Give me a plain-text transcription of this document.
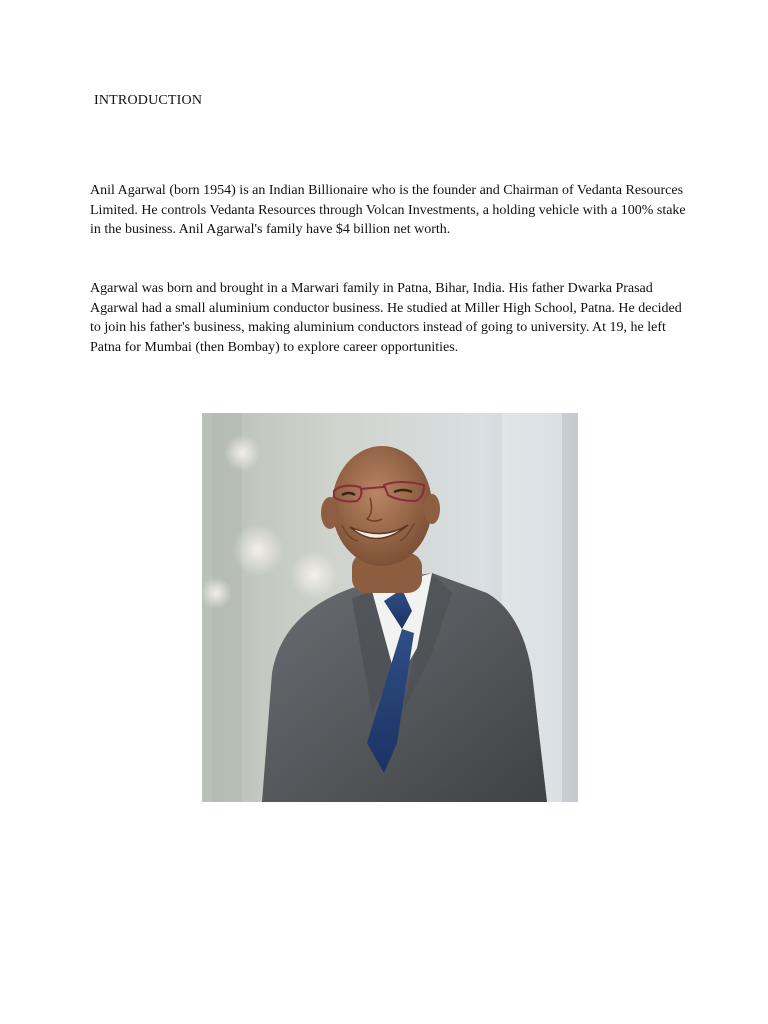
INTRODUCTION

Anil Agarwal (born 1954) is an Indian Billionaire who is the founder and Chairman of Vedanta Resources Limited. He controls Vedanta Resources through Volcan Investments, a holding vehicle with a 100% stake in the business. Anil Agarwal's family have $4 billion net worth.

Agarwal was born and brought in a Marwari family in Patna, Bihar, India. His father Dwarka Prasad Agarwal had a small aluminium conductor business. He studied at Miller High School, Patna. He decided to join his father's business, making aluminium conductors instead of going to university. At 19, he left Patna for Mumbai (then Bombay) to explore career opportunities.
